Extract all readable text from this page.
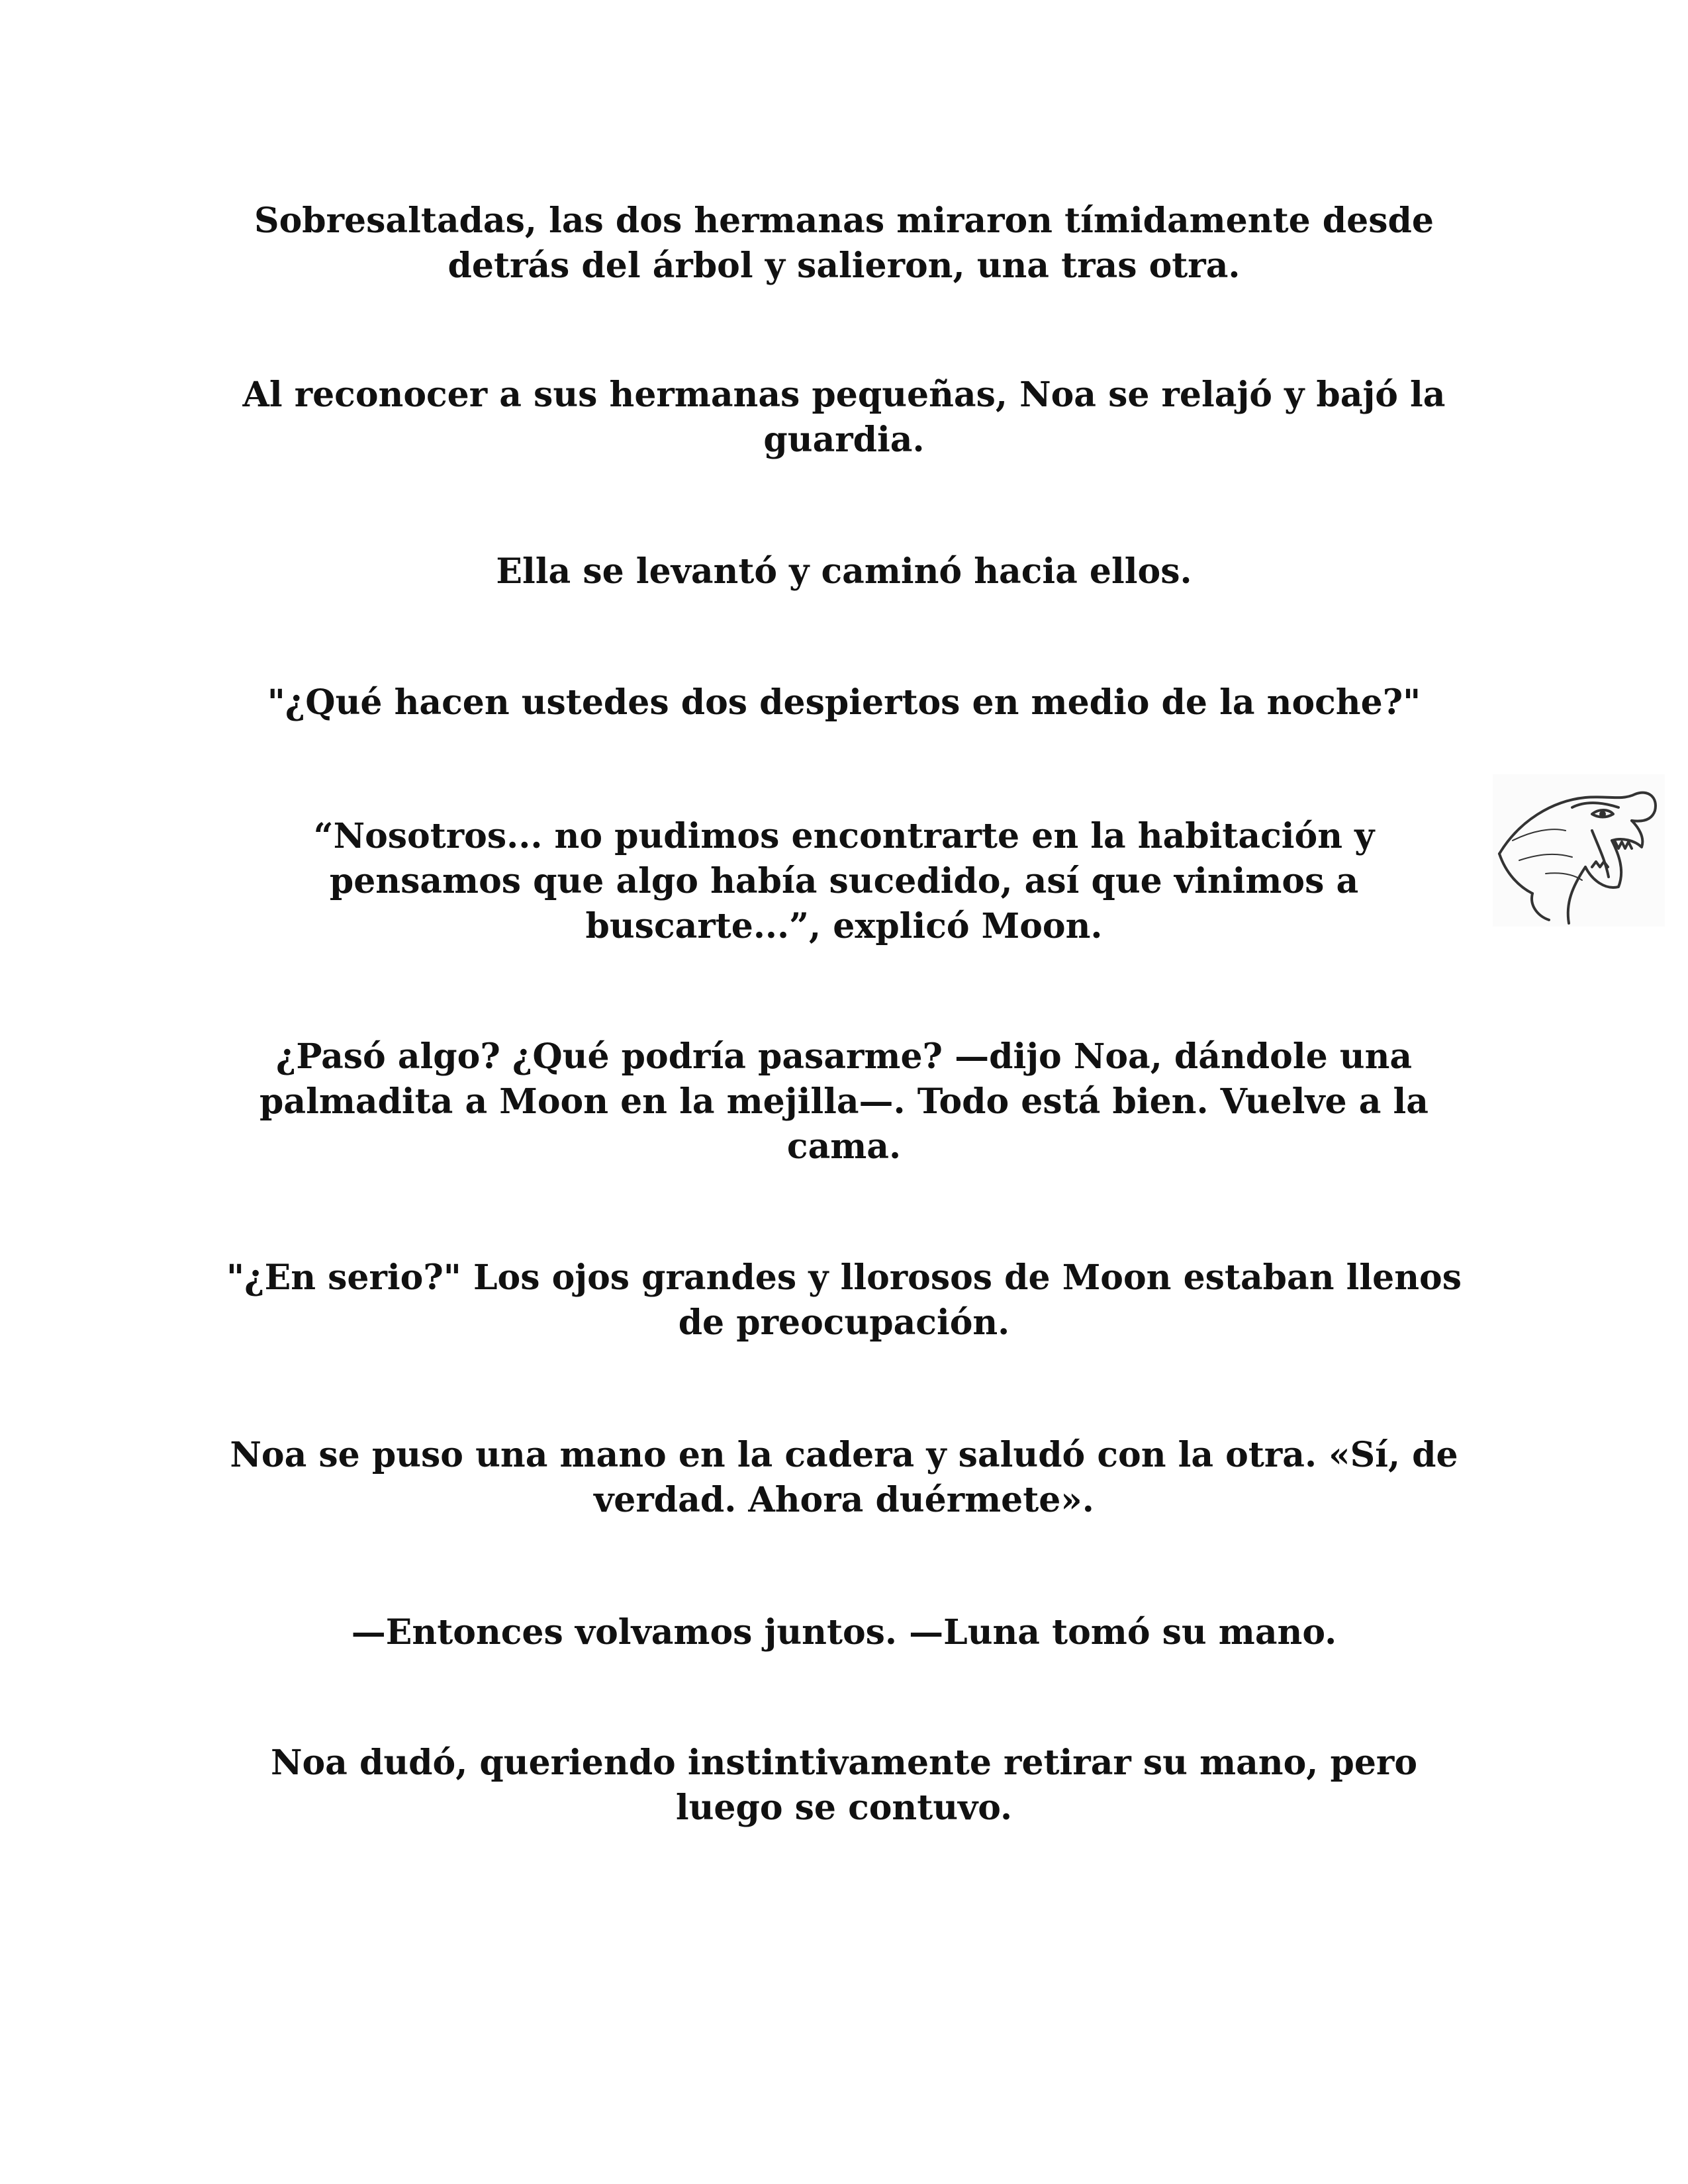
Sobresaltadas, las dos hermanas miraron tímidamente desde
detrás del árbol y salieron, una tras otra.

Al reconocer a sus hermanas pequeñas, Noa se relajó y bajó la
guardia.

Ella se levantó y caminó hacia ellos.

"¿Qué hacen ustedes dos despiertos en medio de la noche?"

“Nosotros... no pudimos encontrarte en la habitación y
pensamos que algo había sucedido, así que vinimos a
buscarte...”, explicó Moon.

¿Pasó algo? ¿Qué podría pasarme? —dijo Noa, dándole una
palmadita a Moon en la mejilla—. Todo está bien. Vuelve a la
cama.

"¿En serio?" Los ojos grandes y llorosos de Moon estaban llenos
de preocupación.

Noa se puso una mano en la cadera y saludó con la otra. «Sí, de
verdad. Ahora duérmete».

—Entonces volvamos juntos. —Luna tomó su mano.

Noa dudó, queriendo instintivamente retirar su mano, pero
luego se contuvo.
